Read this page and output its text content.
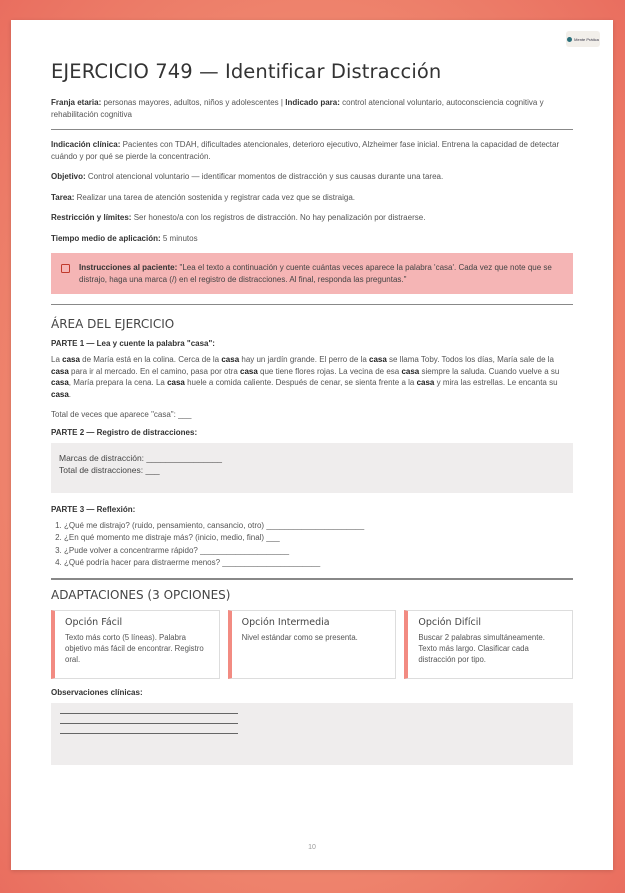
Mente Prática
EJERCICIO 749 — Identificar Distracción

Franja etaria: personas mayores, adultos, niños y adolescentes | Indicado para: control atencional voluntario, autoconsciencia cognitiva y rehabilitación cognitiva

Indicación clínica: Pacientes con TDAH, dificultades atencionales, deterioro ejecutivo, Alzheimer fase inicial. Entrena la capacidad de detectar cuándo y por qué se pierde la concentración.

Objetivo: Control atencional voluntario — identificar momentos de distracción y sus causas durante una tarea.

Tarea: Realizar una tarea de atención sostenida y registrar cada vez que se distraiga.

Restricción y límites: Ser honesto/a con los registros de distracción. No hay penalización por distraerse.

Tiempo medio de aplicación: 5 minutos

Instrucciones al paciente: "Lea el texto a continuación y cuente cuántas veces aparece la palabra 'casa'. Cada vez que note que se distrajo, haga una marca (/) en el registro de distracciones. Al final, responda las preguntas."
ÁREA DEL EJERCICIO
PARTE 1 — Lea y cuente la palabra "casa":

La casa de María está en la colina. Cerca de la casa hay un jardín grande. El perro de la casa se llama Toby. Todos los días, María sale de la casa para ir al mercado. En el camino, pasa por otra casa que tiene flores rojas. La vecina de esa casa siempre la saluda. Cuando vuelve a su casa, María prepara la cena. La casa huele a comida caliente. Después de cenar, se sienta frente a la casa y mira las estrellas. Le encanta su casa.

Total de veces que aparece "casa": ___

PARTE 2 — Registro de distracciones:
Marcas de distracción: ________________
Total de distracciones: ___
PARTE 3 — Reflexión:
1. ¿Qué me distrajo? (ruido, pensamiento, cansancio, otro) ______________________
2. ¿En qué momento me distraje más? (inicio, medio, final) ___
3. ¿Pude volver a concentrarme rápido? ____________________
4. ¿Qué podría hacer para distraerme menos? ______________________
ADAPTACIONES (3 OPCIONES)
Opción Fácil
Texto más corto (5 líneas). Palabra objetivo más fácil de encontrar. Registro oral.
Opción Intermedia
Nivel estándar como se presenta.
Opción Difícil
Buscar 2 palabras simultáneamente. Texto más largo. Clasificar cada distracción por tipo.
Observaciones clínicas:
10
